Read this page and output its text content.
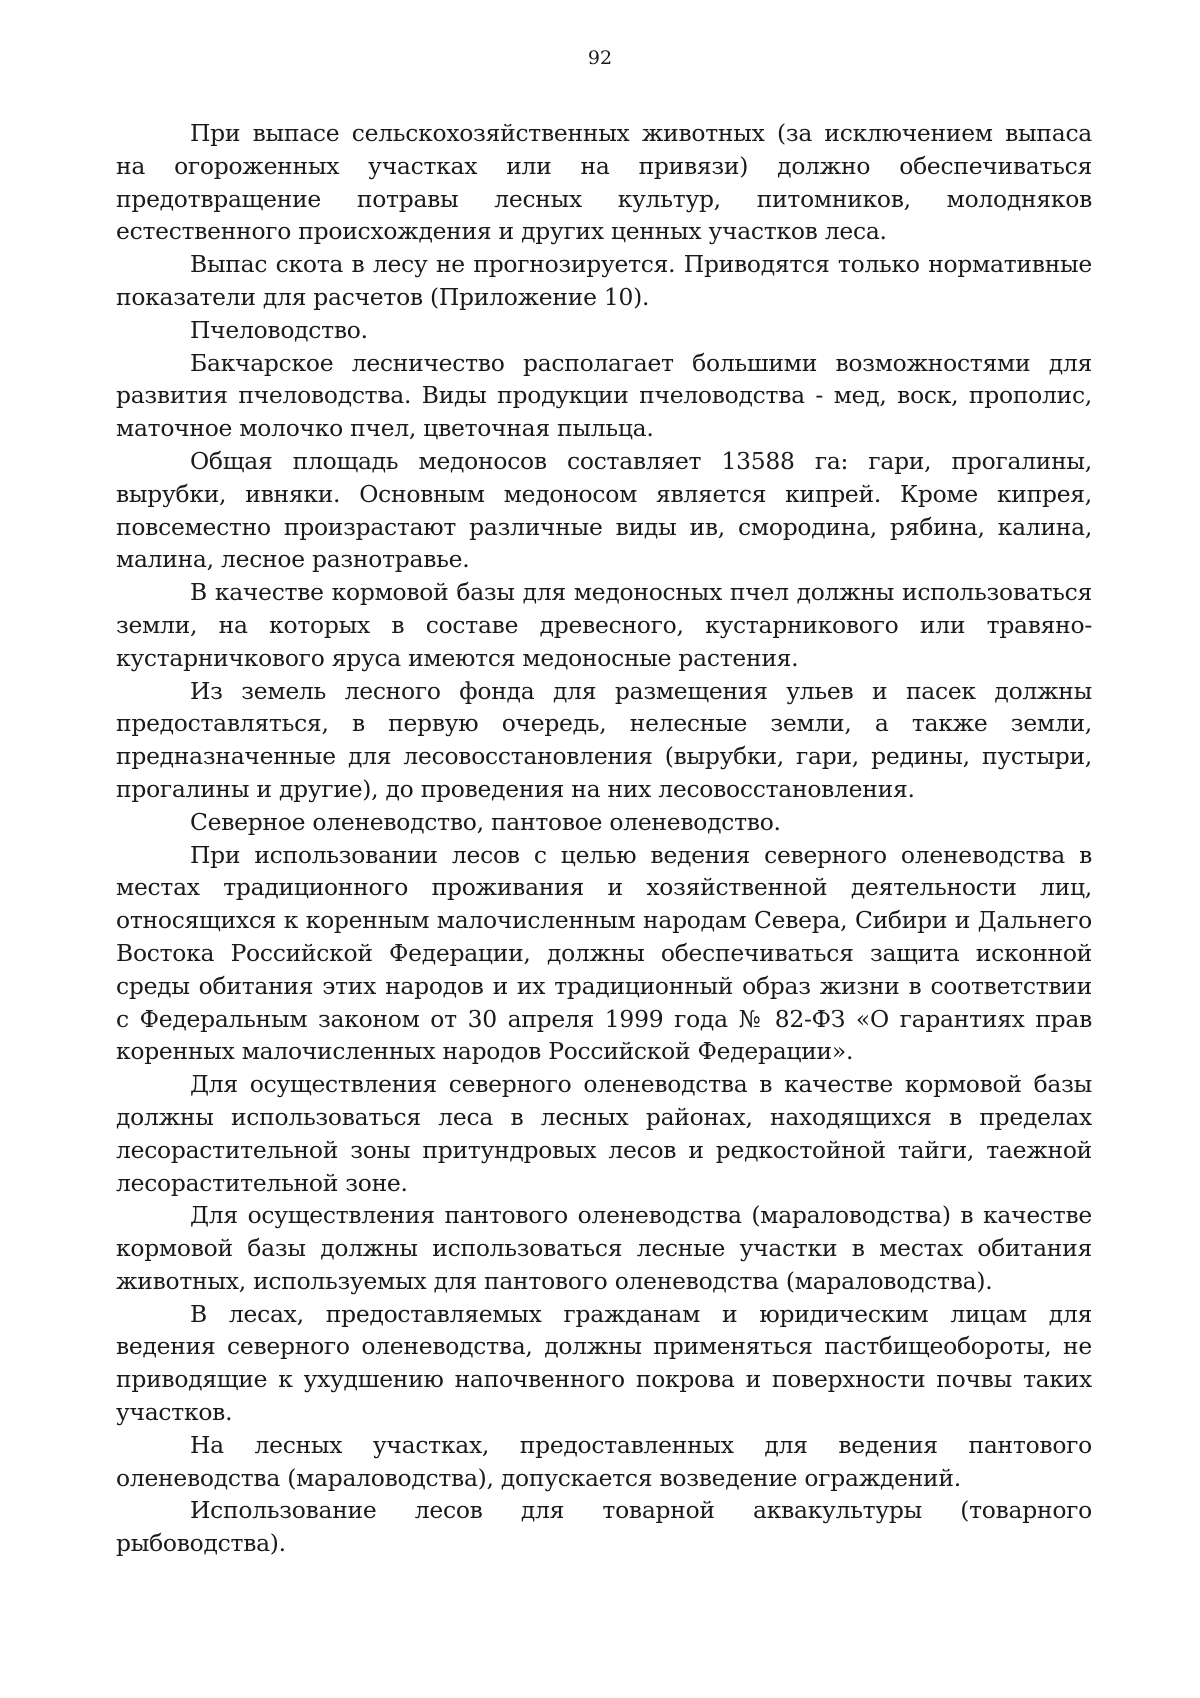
92

При выпасе сельскохозяйственных животных (за исключением выпаса на огороженных участках или на привязи) должно обеспечиваться предотвращение потравы лесных культур, питомников, молодняков естественного происхождения и других ценных участков леса.

Выпас скота в лесу не прогнозируется. Приводятся только нормативные показатели для расчетов (Приложение 10).

Пчеловодство.

Бакчарское лесничество располагает большими возможностями для развития пчеловодства. Виды продукции пчеловодства - мед, воск, прополис, маточное молочко пчел, цветочная пыльца.

Общая площадь медоносов составляет 13588 га: гари, прогалины, вырубки, ивняки. Основным медоносом является кипрей. Кроме кипрея, повсеместно произрастают различные виды ив, смородина, рябина, калина, малина, лесное разнотравье.

В качестве кормовой базы для медоносных пчел должны использоваться земли, на которых в составе древесного, кустарникового или травяно-кустарничкового яруса имеются медоносные растения.

Из земель лесного фонда для размещения ульев и пасек должны предоставляться, в первую очередь, нелесные земли, а также земли, предназначенные для лесовосстановления (вырубки, гари, редины, пустыри, прогалины и другие), до проведения на них лесовосстановления.

Северное оленеводство, пантовое оленеводство.

При использовании лесов с целью ведения северного оленеводства в местах традиционного проживания и хозяйственной деятельности лиц, относящихся к коренным малочисленным народам Севера, Сибири и Дальнего Востока Российской Федерации, должны обеспечиваться защита исконной среды обитания этих народов и их традиционный образ жизни в соответствии с Федеральным законом от 30 апреля 1999 года № 82-ФЗ «О гарантиях прав коренных малочисленных народов Российской Федерации».

Для осуществления северного оленеводства в качестве кормовой базы должны использоваться леса в лесных районах, находящихся в пределах лесорастительной зоны притундровых лесов и редкостойной тайги, таежной лесорастительной зоне.

Для осуществления пантового оленеводства (мараловодства) в качестве кормовой базы должны использоваться лесные участки в местах обитания животных, используемых для пантового оленеводства (мараловодства).

В лесах, предоставляемых гражданам и юридическим лицам для ведения северного оленеводства, должны применяться пастбищеобороты, не приводящие к ухудшению напочвенного покрова и поверхности почвы таких участков.

На лесных участках, предоставленных для ведения пантового оленеводства (мараловодства), допускается возведение ограждений.

Использование лесов для товарной аквакультуры (товарного рыбоводства).
